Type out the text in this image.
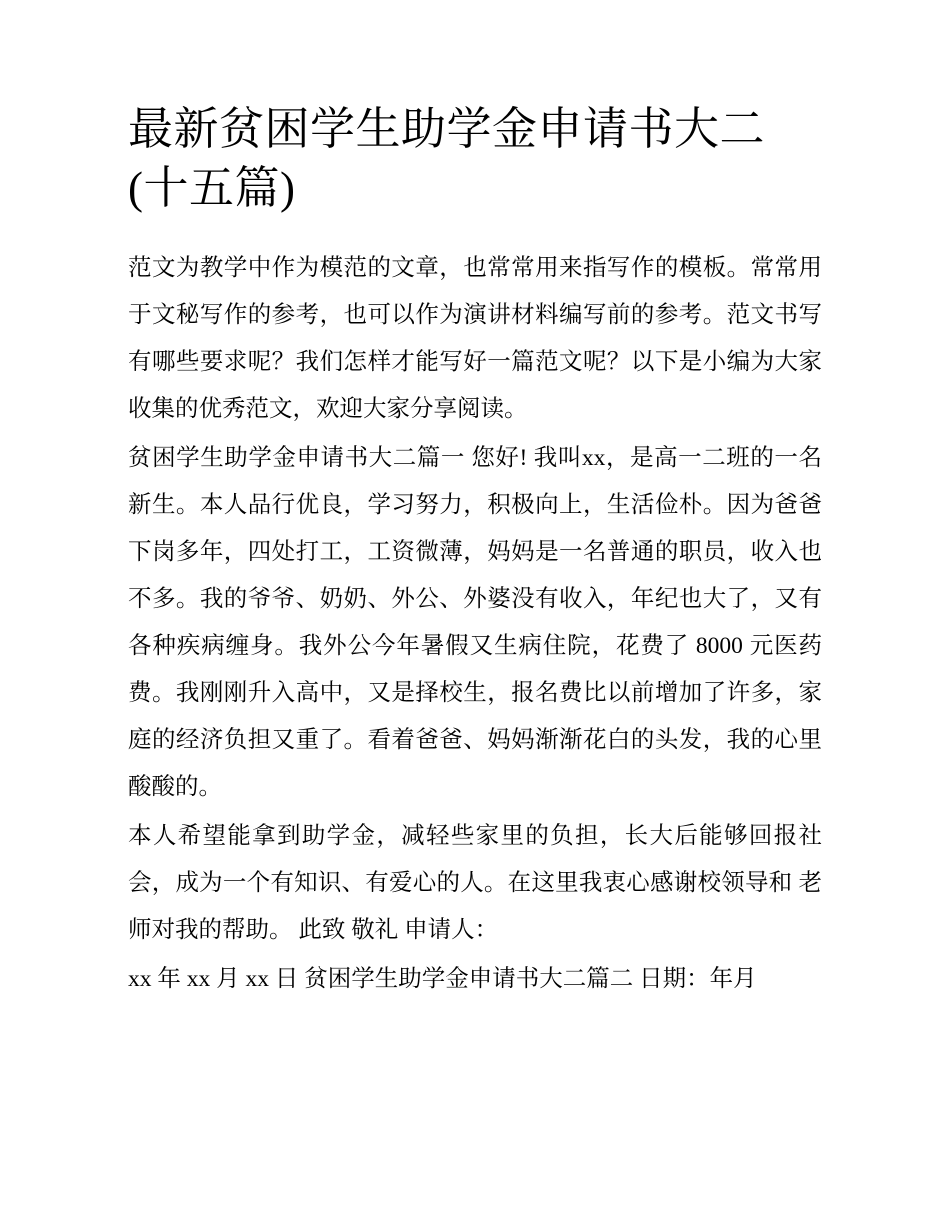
最新贫困学生助学金申请书大二(十五篇)

范文为教学中作为模范的文章，也常常用来指写作的模板。常常用于文秘写作的参考，也可以作为演讲材料编写前的参考。范文书写有哪些要求呢？我们怎样才能写好一篇范文呢？以下是小编为大家收集的优秀范文，欢迎大家分享阅读。

贫困学生助学金申请书大二篇一 您好! 我叫xx，是高一二班的一名新生。本人品行优良，学习努力，积极向上，生活俭朴。因为爸爸下岗多年，四处打工，工资微薄，妈妈是一名普通的职员，收入也不多。我的爷爷、奶奶、外公、外婆没有收入，年纪也大了，又有各种疾病缠身。我外公今年暑假又生病住院，花费了 8000 元医药费。我刚刚升入高中，又是择校生，报名费比以前增加了许多，家庭的经济负担又重了。看着爸爸、妈妈渐渐花白的头发，我的心里酸酸的。

本人希望能拿到助学金，减轻些家里的负担，长大后能够回报社会，成为一个有知识、有爱心的人。在这里我衷心感谢校领导和 老师对我的帮助。 此致 敬礼 申请人：

xx 年 xx 月 xx 日 贫困学生助学金申请书大二篇二 日期：年月
